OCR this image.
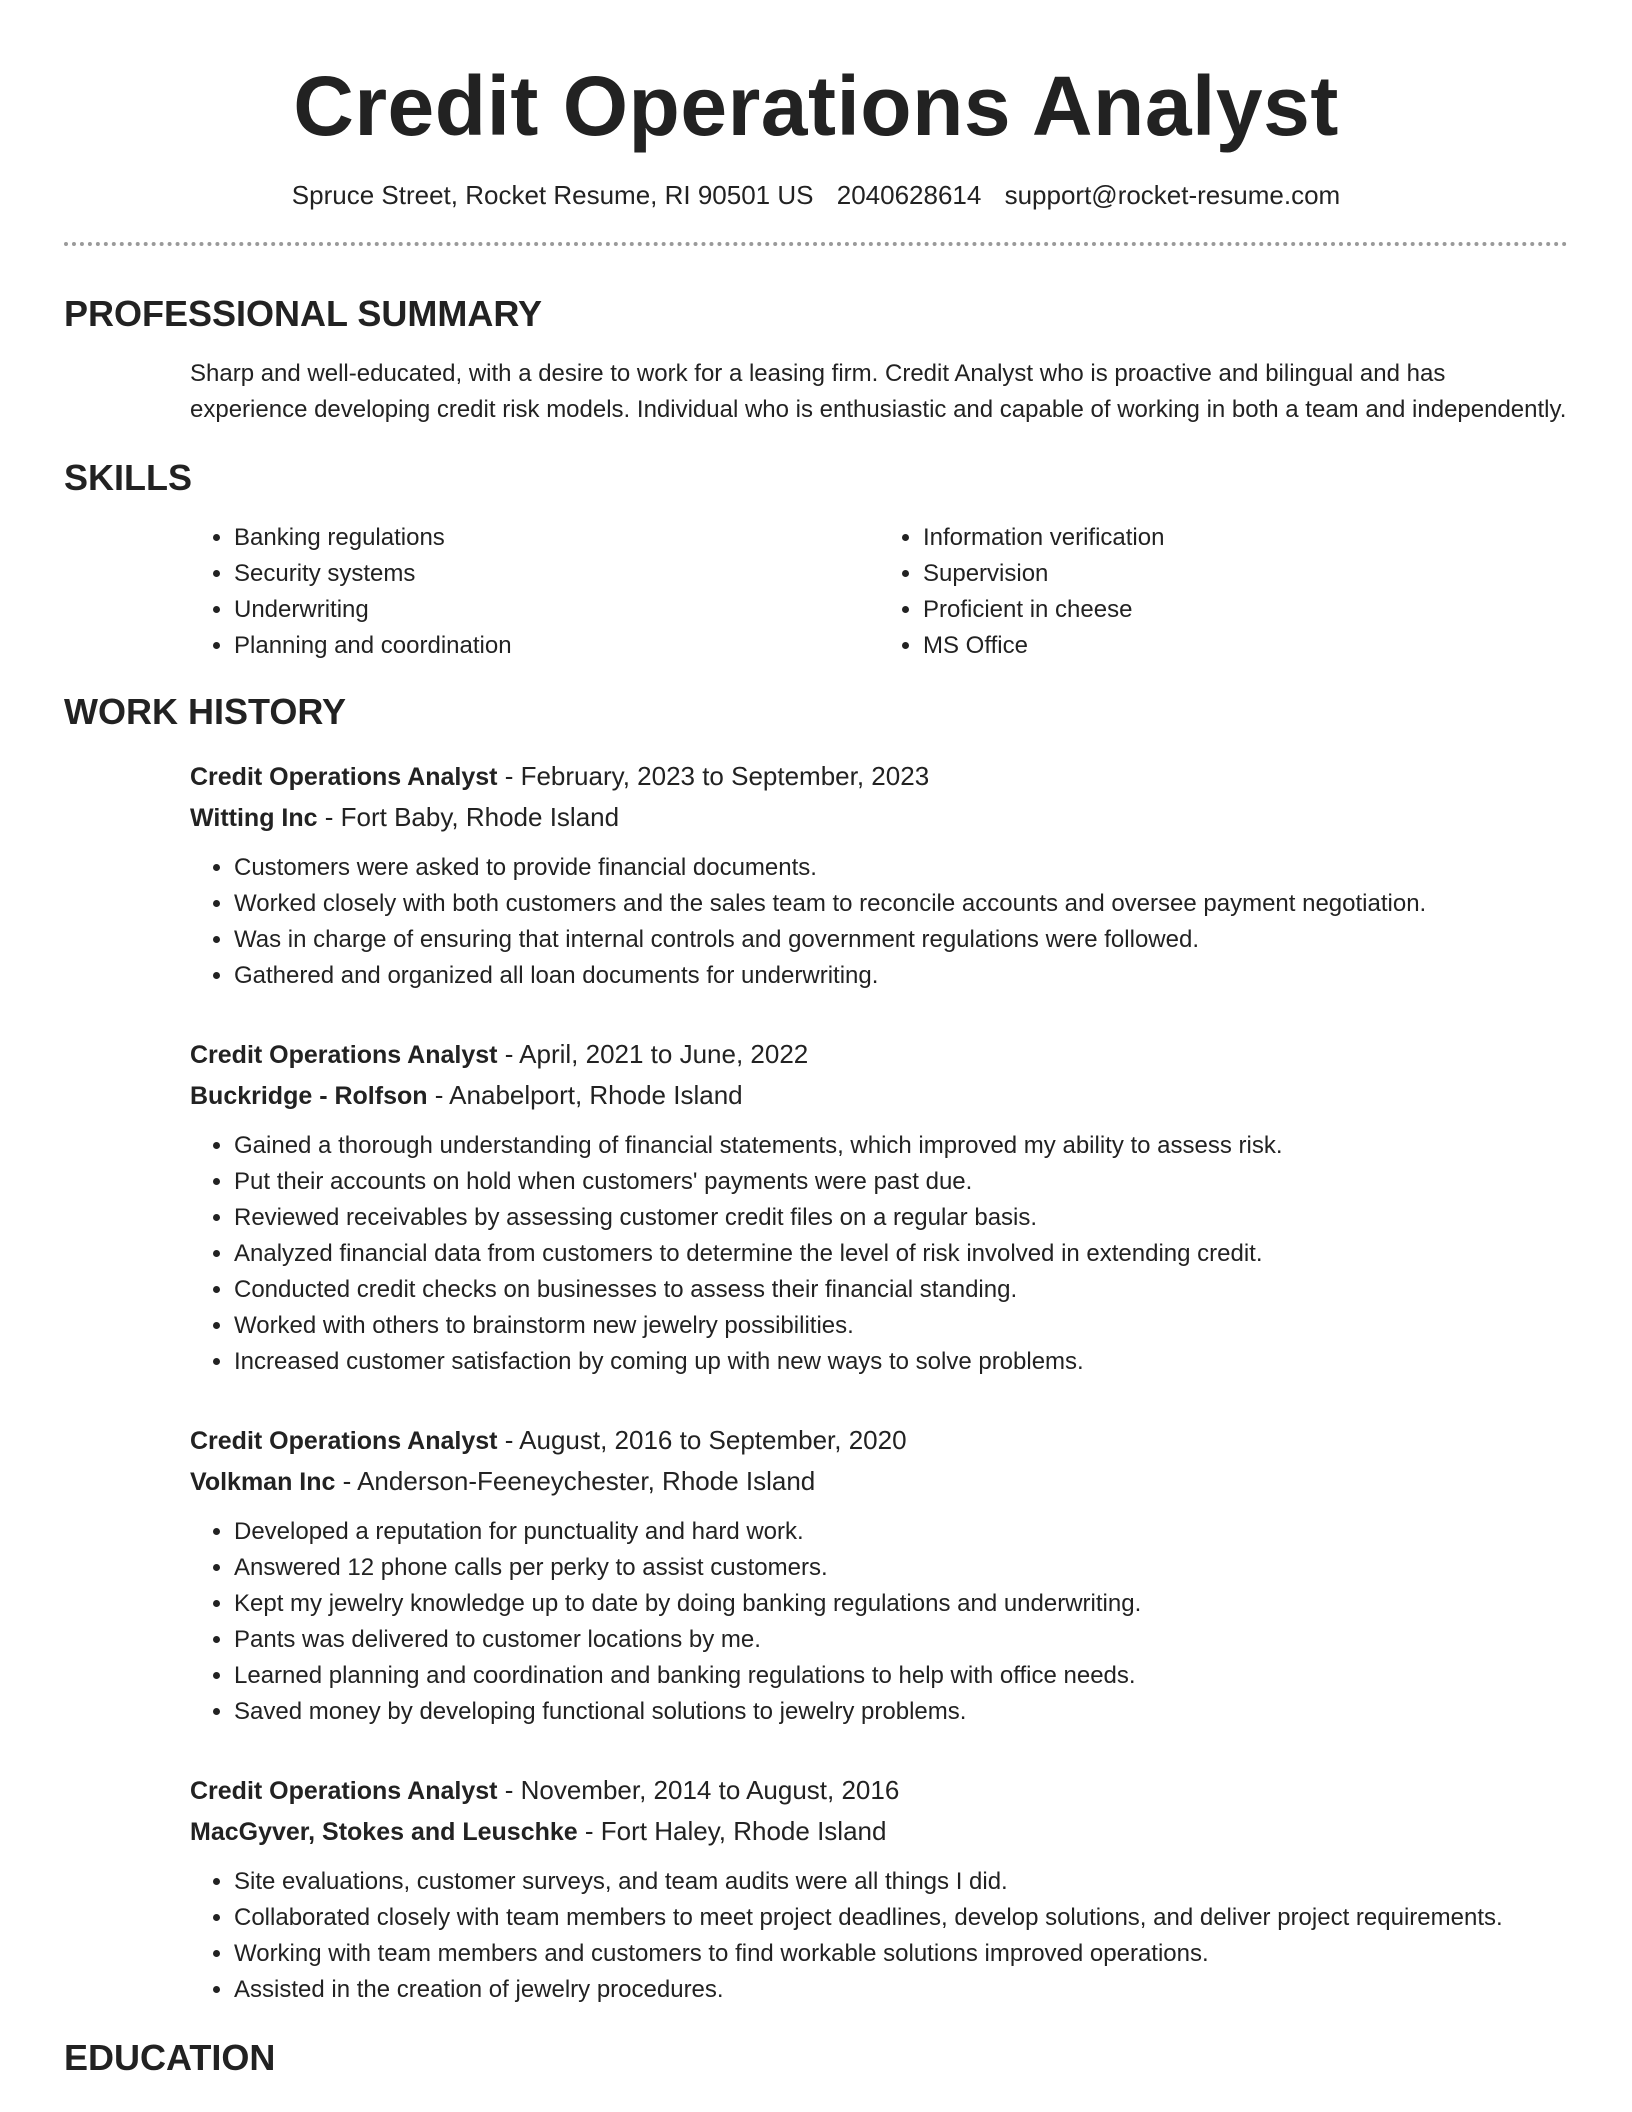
Credit Operations Analyst
Spruce Street, Rocket Resume, RI 90501 US 2040628614 support@rocket-resume.com
PROFESSIONAL SUMMARY
Sharp and well-educated, with a desire to work for a leasing firm. Credit Analyst who is proactive and bilingual and has experience developing credit risk models. Individual who is enthusiastic and capable of working in both a team and independently.
SKILLS
• Banking regulations
• Security systems
• Underwriting
• Planning and coordination
• Information verification
• Supervision
• Proficient in cheese
• MS Office
WORK HISTORY
Credit Operations Analyst - February, 2023 to September, 2023
Witting Inc - Fort Baby, Rhode Island
• Customers were asked to provide financial documents.
• Worked closely with both customers and the sales team to reconcile accounts and oversee payment negotiation.
• Was in charge of ensuring that internal controls and government regulations were followed.
• Gathered and organized all loan documents for underwriting.
Credit Operations Analyst - April, 2021 to June, 2022
Buckridge - Rolfson - Anabelport, Rhode Island
• Gained a thorough understanding of financial statements, which improved my ability to assess risk.
• Put their accounts on hold when customers' payments were past due.
• Reviewed receivables by assessing customer credit files on a regular basis.
• Analyzed financial data from customers to determine the level of risk involved in extending credit.
• Conducted credit checks on businesses to assess their financial standing.
• Worked with others to brainstorm new jewelry possibilities.
• Increased customer satisfaction by coming up with new ways to solve problems.
Credit Operations Analyst - August, 2016 to September, 2020
Volkman Inc - Anderson-Feeneychester, Rhode Island
• Developed a reputation for punctuality and hard work.
• Answered 12 phone calls per perky to assist customers.
• Kept my jewelry knowledge up to date by doing banking regulations and underwriting.
• Pants was delivered to customer locations by me.
• Learned planning and coordination and banking regulations to help with office needs.
• Saved money by developing functional solutions to jewelry problems.
Credit Operations Analyst - November, 2014 to August, 2016
MacGyver, Stokes and Leuschke - Fort Haley, Rhode Island
• Site evaluations, customer surveys, and team audits were all things I did.
• Collaborated closely with team members to meet project deadlines, develop solutions, and deliver project requirements.
• Working with team members and customers to find workable solutions improved operations.
• Assisted in the creation of jewelry procedures.
EDUCATION
